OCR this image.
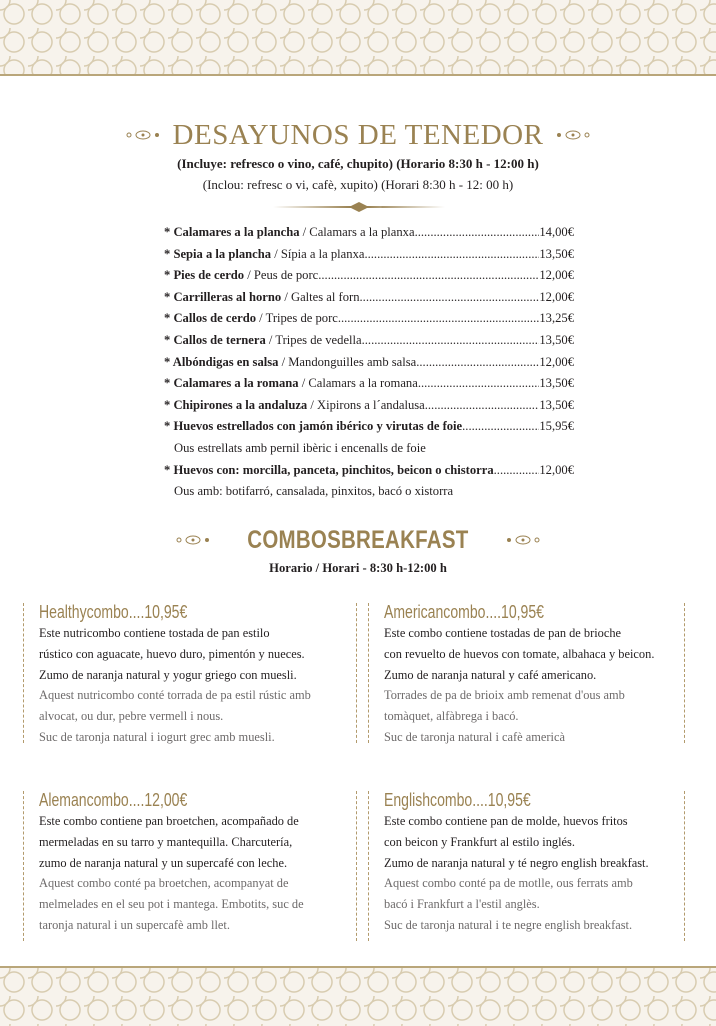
DESAYUNOS DE TENEDOR
(Incluye: refresco o vino, café, chupito) (Horario 8:30 h - 12:00 h)
(Inclou: refresc o vi, cafè, xupito) (Horari 8:30 h - 12: 00 h)
* Calamares a la plancha / Calamars a la planxa .....	14,00€
* Sepia a la plancha / Sípia a la planxa .....	13,50€
* Pies de cerdo / Peus de porc .....	12,00€
* Carrilleras al horno / Galtes al forn .....	12,00€
* Callos de cerdo / Tripes de porc .....	13,25€
* Callos de ternera / Tripes de vedella .....	13,50€
* Albóndigas en salsa / Mandonguilles amb salsa .....	12,00€
* Calamares a la romana / Calamars a la romana .....	13,50€
* Chipirones a la andaluza / Xipirons a l´andalusa .....	13,50€
* Huevos estrellados con jamón ibérico y virutas de foie .....	15,95€
Ous estrellats amb pernil ibèric i encenalls de foie
* Huevos con: morcilla, panceta, pinchitos, beicon o chistorra .....	12,00€
Ous amb: botifarró, cansalada, pinxitos, bacó o xistorra
COMBOSBREAKFAST
Horario / Horari - 8:30 h-12:00 h
Healthycombo....10,95€
Este nutricombo contiene tostada de pan estilo
rústico con aguacate, huevo duro, pimentón y nueces.
Zumo de naranja natural y yogur griego con muesli.
Aquest nutricombo conté torrada de pa estil rústic amb
alvocat, ou dur, pebre vermell i nous.
Suc de taronja natural i iogurt grec amb muesli.
Americancombo....10,95€
Este combo contiene tostadas de pan de brioche
con revuelto de huevos con tomate, albahaca y beicon.
Zumo de naranja natural y café americano.
Torrades de pa de brioix amb remenat d'ous amb
tomàquet, alfàbrega i bacó.
Suc de taronja natural i cafè americà
Alemancombo....12,00€
Este combo contiene pan broetchen, acompañado de
mermeladas en su tarro y mantequilla. Charcutería,
zumo de naranja natural y un supercafé con leche.
Aquest combo conté pa broetchen, acompanyat de
melmelades en el seu pot i mantega. Embotits, suc de
taronja natural i un supercafè amb llet.
Englishcombo....10,95€
Este combo contiene pan de molde, huevos fritos
con beicon y Frankfurt al estilo inglés.
Zumo de naranja natural y té negro english breakfast.
Aquest combo conté pa de motlle, ous ferrats amb
bacó i Frankfurt a l'estil anglès.
Suc de taronja natural i te negre english breakfast.
